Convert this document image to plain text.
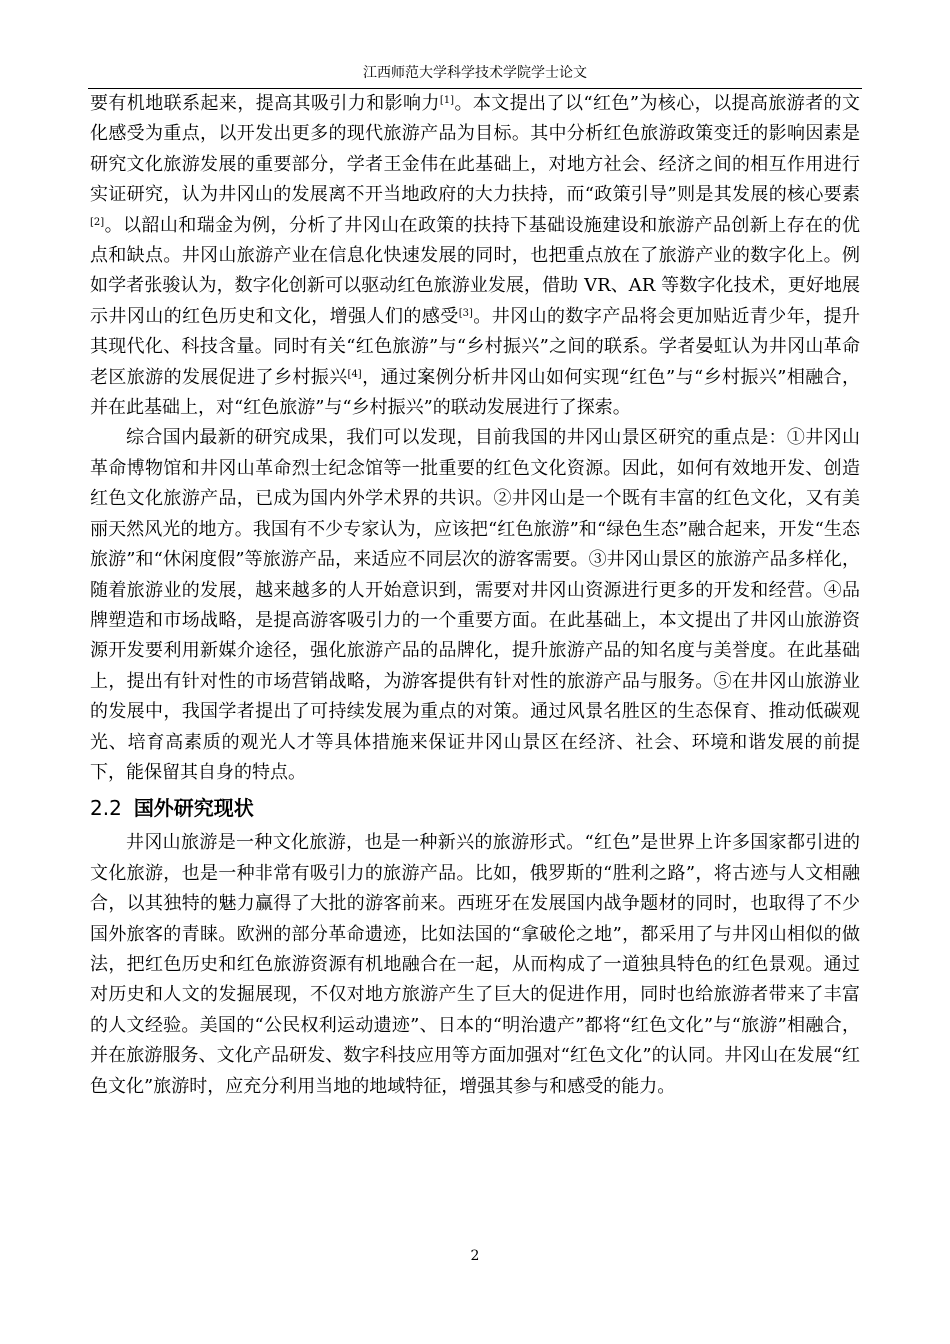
江西师范大学科学技术学院学士论文

要有机地联系起来，提高其吸引力和影响力[1]。本文提出了以“红色”为核心，以提高旅游者的文化感受为重点，以开发出更多的现代旅游产品为目标。其中分析红色旅游政策变迁的影响因素是研究文化旅游发展的重要部分，学者王金伟在此基础上，对地方社会、经济之间的相互作用进行实证研究，认为井冈山的发展离不开当地政府的大力扶持，而“政策引导”则是其发展的核心要素[2]。以韶山和瑞金为例，分析了井冈山在政策的扶持下基础设施建设和旅游产品创新上存在的优点和缺点。井冈山旅游产业在信息化快速发展的同时，也把重点放在了旅游产业的数字化上。例如学者张骏认为，数字化创新可以驱动红色旅游业发展，借助 VR、AR 等数字化技术，更好地展示井冈山的红色历史和文化，增强人们的感受[3]。井冈山的数字产品将会更加贴近青少年，提升其现代化、科技含量。同时有关“红色旅游”与“乡村振兴”之间的联系。学者晏虹认为井冈山革命老区旅游的发展促进了乡村振兴[4]，通过案例分析井冈山如何实现“红色”与“乡村振兴”相融合，并在此基础上，对“红色旅游”与“乡村振兴”的联动发展进行了探索。

综合国内最新的研究成果，我们可以发现，目前我国的井冈山景区研究的重点是：①井冈山革命博物馆和井冈山革命烈士纪念馆等一批重要的红色文化资源。因此，如何有效地开发、创造红色文化旅游产品，已成为国内外学术界的共识。②井冈山是一个既有丰富的红色文化，又有美丽天然风光的地方。我国有不少专家认为，应该把“红色旅游”和“绿色生态”融合起来，开发“生态旅游”和“休闲度假”等旅游产品，来适应不同层次的游客需要。③井冈山景区的旅游产品多样化，随着旅游业的发展，越来越多的人开始意识到，需要对井冈山资源进行更多的开发和经营。④品牌塑造和市场战略，是提高游客吸引力的一个重要方面。在此基础上，本文提出了井冈山旅游资源开发要利用新媒介途径，强化旅游产品的品牌化，提升旅游产品的知名度与美誉度。在此基础上，提出有针对性的市场营销战略，为游客提供有针对性的旅游产品与服务。⑤在井冈山旅游业的发展中，我国学者提出了可持续发展为重点的对策。通过风景名胜区的生态保育、推动低碳观光、培育高素质的观光人才等具体措施来保证井冈山景区在经济、社会、环境和谐发展的前提下，能保留其自身的特点。

2.2 国外研究现状

井冈山旅游是一种文化旅游，也是一种新兴的旅游形式。“红色”是世界上许多国家都引进的文化旅游，也是一种非常有吸引力的旅游产品。比如，俄罗斯的“胜利之路”，将古迹与人文相融合，以其独特的魅力赢得了大批的游客前来。西班牙在发展国内战争题材的同时，也取得了不少国外旅客的青睐。欧洲的部分革命遗迹，比如法国的“拿破伦之地”，都采用了与井冈山相似的做法，把红色历史和红色旅游资源有机地融合在一起，从而构成了一道独具特色的红色景观。通过对历史和人文的发掘展现，不仅对地方旅游产生了巨大的促进作用，同时也给旅游者带来了丰富的人文经验。美国的“公民权利运动遗迹”、日本的“明治遗产”都将“红色文化”与“旅游”相融合，并在旅游服务、文化产品研发、数字科技应用等方面加强对“红色文化”的认同。井冈山在发展“红色文化”旅游时，应充分利用当地的地域特征，增强其参与和感受的能力。

2
